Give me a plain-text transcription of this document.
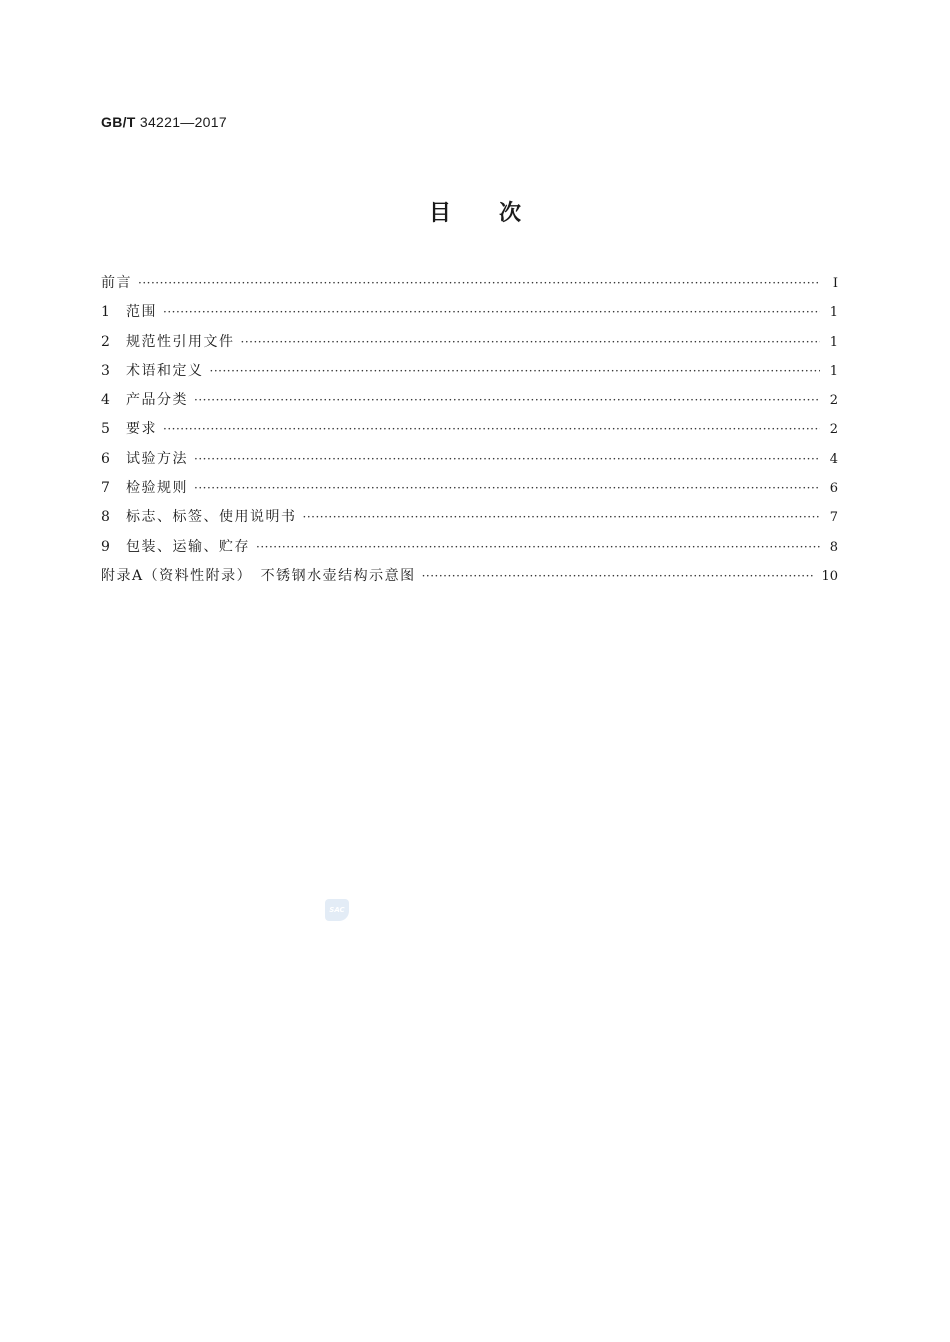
GB/T 34221—2017
目次
前言 ·····	Ⅰ
1	范围 ·····	1
2	规范性引用文件 ·····	1
3	术语和定义 ·····	1
4	产品分类 ·····	2
5	要求 ·····	2
6	试验方法 ·····	4
7	检验规则 ·····	6
8	标志、标签、使用说明书 ·····	7
9	包装、运输、贮存 ·····	8
附录A（资料性附录）　不锈钢水壶结构示意图 ·····	10
SAC
